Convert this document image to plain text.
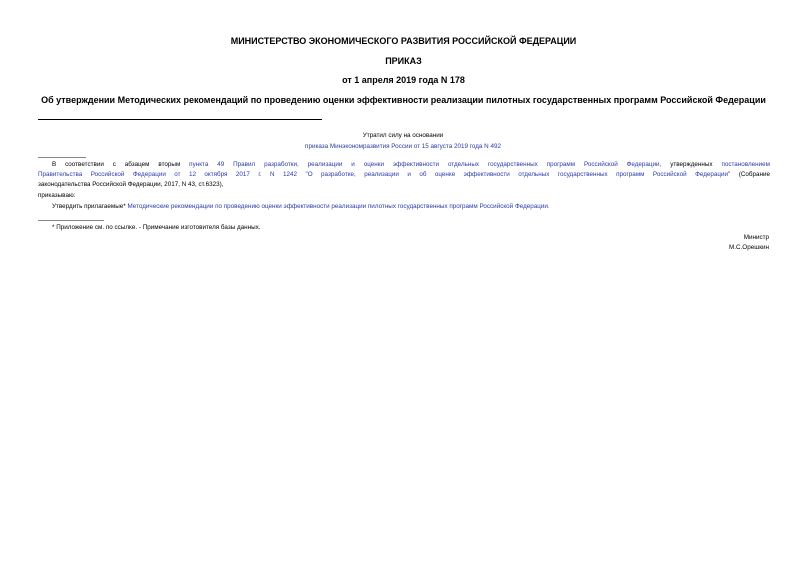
МИНИСТЕРСТВО ЭКОНОМИЧЕСКОГО РАЗВИТИЯ РОССИЙСКОЙ ФЕДЕРАЦИИ
ПРИКАЗ
от 1 апреля 2019 года N 178
Об утверждении Методических рекомендаций по проведению оценки эффективности реализации пилотных государственных программ Российской Федерации
Утратил силу на основании
приказа Минэкономразвития России от 15 августа 2019 года N 492
В соответствии с абзацем вторым пункта 49 Правил разработки, реализации и оценки эффективности отдельных государственных программ Российской Федерации, утвержденных постановлением
Правительства Российской Федерации от 12 октября 2017 г. N 1242 "О разработке, реализации и об оценке эффективности отдельных государственных программ Российской Федерации" (Собрание
законодательства Российской Федерации, 2017, N 43, ст.6323),
приказываю:
Утвердить прилагаемые* Методические рекомендации по проведению оценки эффективности реализации пилотных государственных программ Российской Федерации.
* Приложение см. по ссылке. - Примечание изготовителя базы данных.
Министр
М.С.Орешкин
